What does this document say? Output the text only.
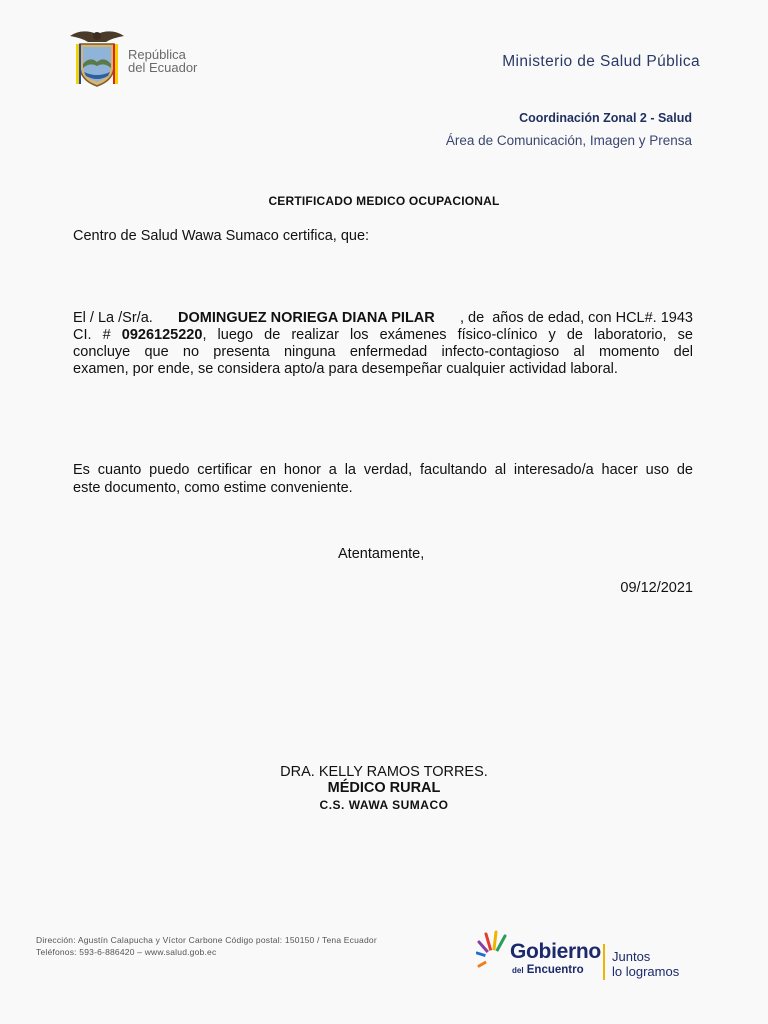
República
del Ecuador	Ministerio de Salud Pública
Coordinación Zonal 2 - Salud
Área de Comunicación, Imagen y Prensa
CERTIFICADO MEDICO OCUPACIONAL
Centro de Salud Wawa Sumaco certifica, que:
El / La /Sr/a. DOMINGUEZ NORIEGA DIANA PILAR , de  años de edad, con HCL#. 1943
CI. # 0926125220, luego de realizar los exámenes físico-clínico y de laboratorio, se
concluye que no presenta ninguna enfermedad infecto-contagioso al momento del
examen, por ende, se considera apto/a para desempeñar cualquier actividad laboral.
Es cuanto puedo certificar en honor a la verdad, facultando al interesado/a hacer uso de
este documento, como estime conveniente.
Atentamente,
09/12/2021
DRA. KELLY RAMOS TORRES.
MÉDICO RURAL
C.S. WAWA SUMACO
Dirección: Agustín Calapucha y Víctor Carbone Código postal: 150150 / Tena Ecuador
Teléfonos: 593-6-886420 – www.salud.gob.ec	Gobierno
del Encuentro
Juntos
lo logramos
